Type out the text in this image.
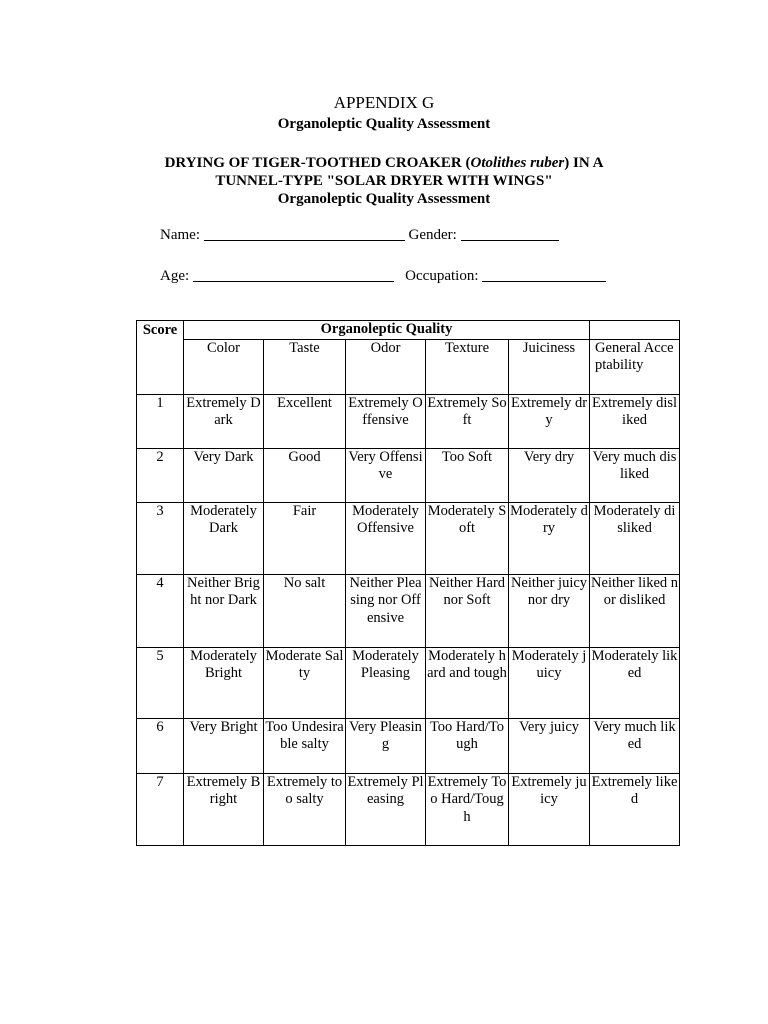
APPENDIX G
Organoleptic Quality Assessment
DRYING OF TIGER-TOOTHED CROAKER (Otolithes ruber) IN A
TUNNEL-TYPE "SOLAR DRYER WITH WINGS"
Organoleptic Quality Assessment
Name:	Gender:
Age:	Occupation:
Score	Organoleptic Quality					
	Color	Taste	Odor	Texture	Juiciness	General Acceptability
1	Extremely Dark	Excellent	Extremely Offensive	Extremely Soft	Extremely dry	Extremely disliked
2	Very Dark	Good	Very Offensive	Too Soft	Very dry	Very much disliked
3	Moderately Dark	Fair	Moderately Offensive	Moderately Soft	Moderately dry	Moderately disliked
4	Neither Bright nor Dark	No salt	Neither Pleasing nor Offensive	Neither Hard nor Soft	Neither juicy nor dry	Neither liked nor disliked
5	Moderately Bright	Moderate Salty	Moderately Pleasing	Moderately hard and tough	Moderately juicy	Moderately liked
6	Very Bright	Too Undesirable salty	Very Pleasing	Too Hard/Tough	Very juicy	Very much liked
7	Extremely Bright	Extremely too salty	Extremely Pleasing	Extremely Too Hard/Tough	Extremely juicy	Extremely liked
